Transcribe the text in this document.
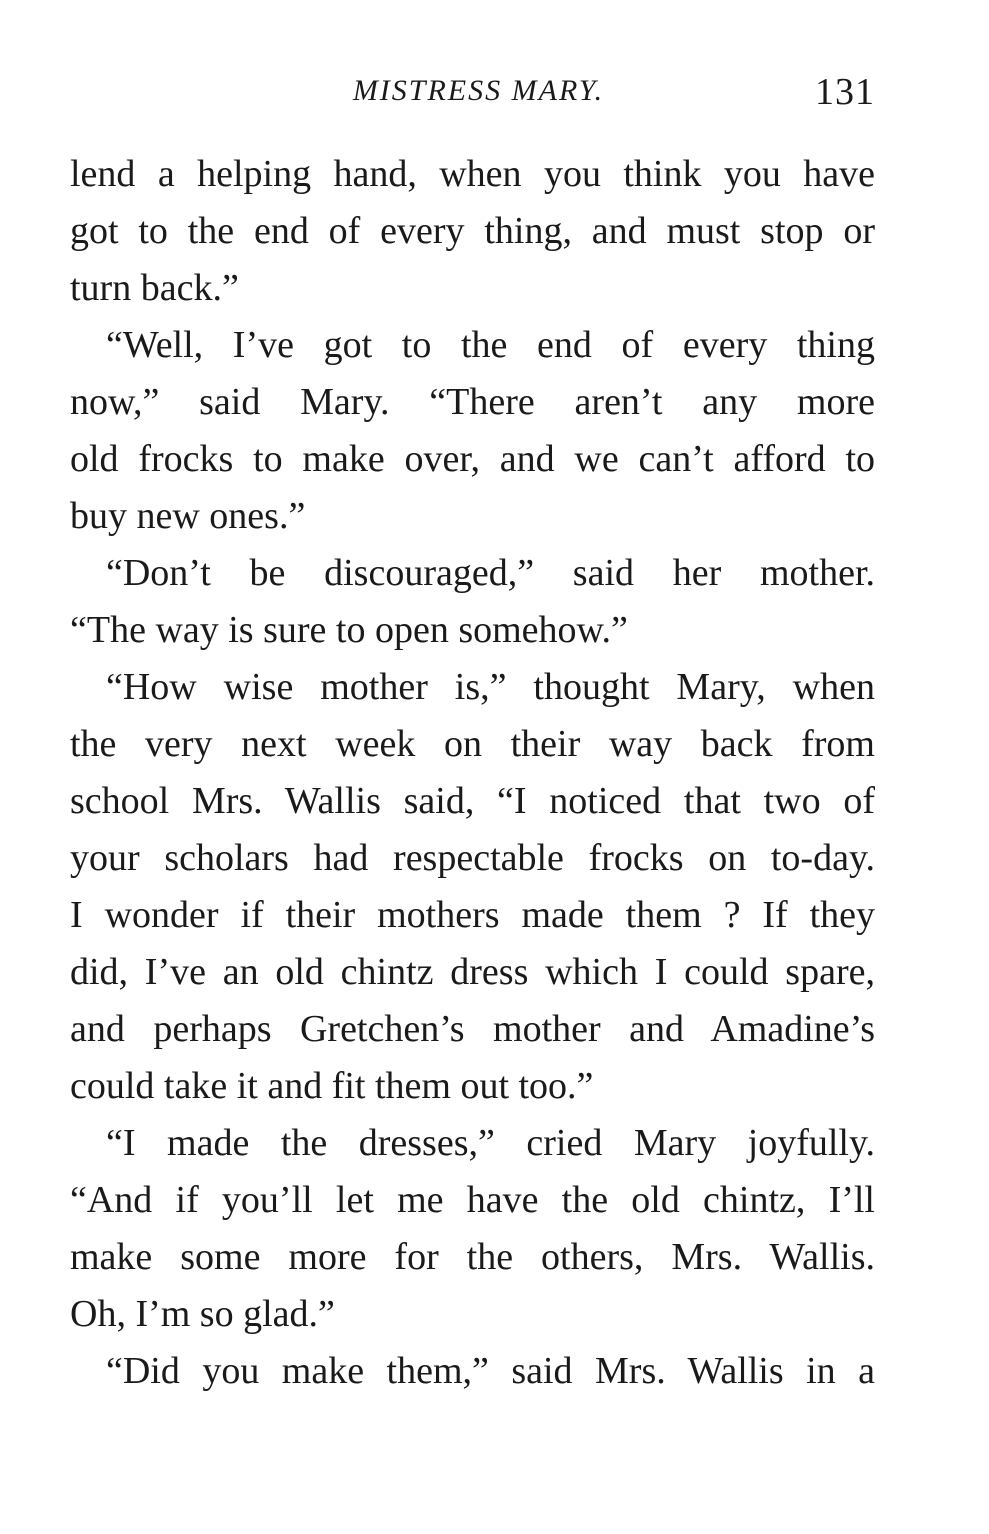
MISTRESS MARY.	131
lend a helping hand, when you think you have
got to the end of every thing, and must stop or
turn back.”
“Well, I’ve got to the end of every thing
now,” said Mary. “There aren’t any more
old frocks to make over, and we can’t afford to
buy new ones.”
“Don’t be discouraged,” said her mother.
“The way is sure to open somehow.”
“How wise mother is,” thought Mary, when
the very next week on their way back from
school Mrs. Wallis said, “I noticed that two of
your scholars had respectable frocks on to-day.
I wonder if their mothers made them ? If they
did, I’ve an old chintz dress which I could spare,
and perhaps Gretchen’s mother and Amadine’s
could take it and fit them out too.”
“I made the dresses,” cried Mary joyfully.
“And if you’ll let me have the old chintz, I’ll
make some more for the others, Mrs. Wallis.
Oh, I’m so glad.”
“Did you make them,” said Mrs. Wallis in a
